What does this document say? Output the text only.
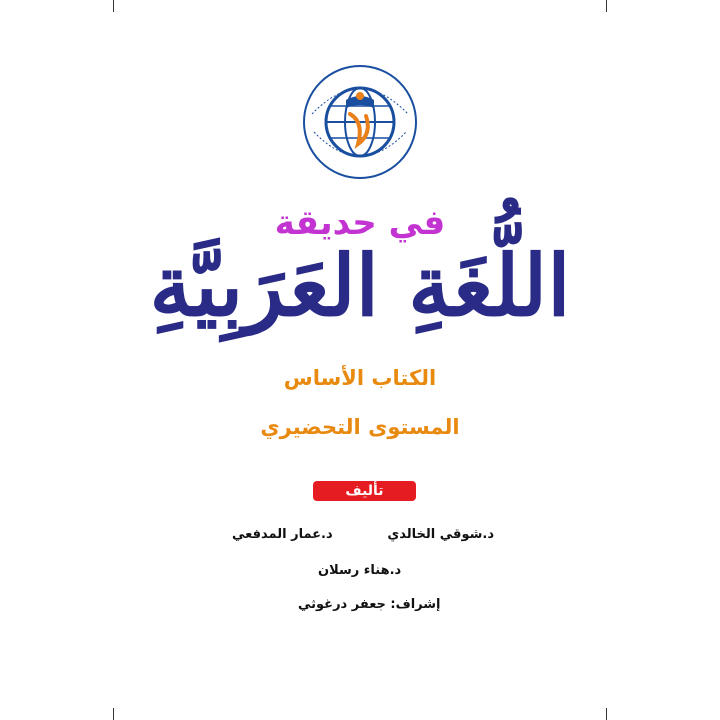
في حديقة
اللُّغَةِ العَرَبِيَّةِ
الكتاب الأساس
المستوى التحضيري
تأليف ومراجعة:
د.شوقي الخالدي
د.عمار المدفعي
د.هناء رسلان
إشراف: جعفر درغوثي
